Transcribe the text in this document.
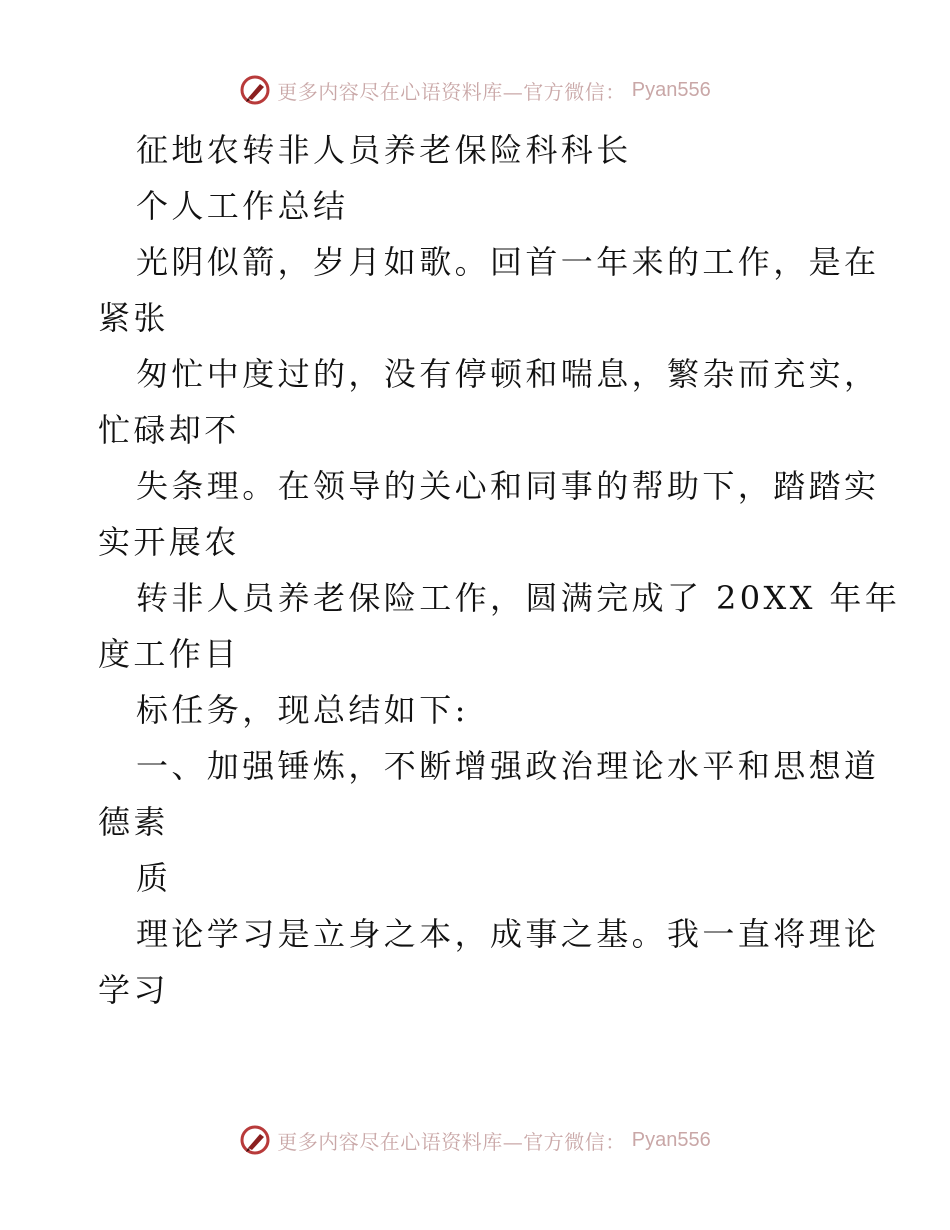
更多内容尽在心语资料库—官方微信： Pyan556
征地农转非人员养老保险科科长
个人工作总结
光阴似箭，岁月如歌。回首一年来的工作，是在
紧张
匆忙中度过的，没有停顿和喘息，繁杂而充实，
忙碌却不
失条理。在领导的关心和同事的帮助下，踏踏实
实开展农
转非人员养老保险工作，圆满完成了 20XX 年年
度工作目
标任务，现总结如下:
一、加强锤炼，不断增强政治理论水平和思想道
德素
质
理论学习是立身之本，成事之基。我一直将理论
学习
更多内容尽在心语资料库—官方微信： Pyan556
